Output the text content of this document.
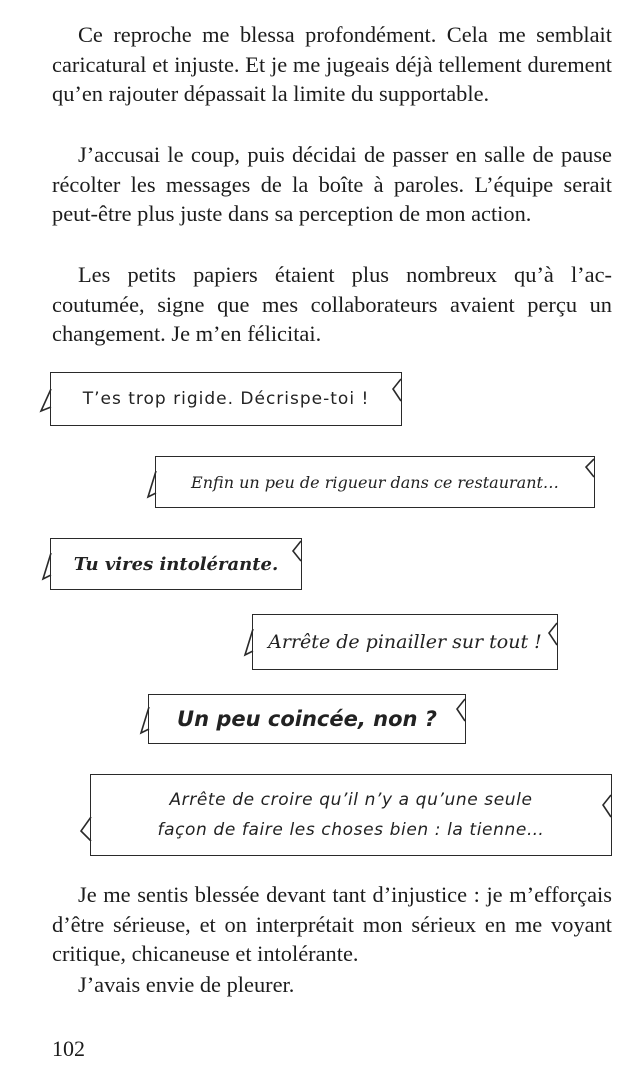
Ce reproche me blessa profondément. Cela me semblait caricatural et injuste. Et je me jugeais déjà tellement durement qu’en rajouter dépassait la limite du supportable.

J’accusai le coup, puis décidai de passer en salle de pause récolter les messages de la boîte à paroles. L’équipe serait peut-être plus juste dans sa perception de mon action.

Les petits papiers étaient plus nombreux qu’à l’accoutumée, signe que mes collaborateurs avaient perçu un changement. Je m’en félicitai.

T’es trop rigide. Décrispe-toi !
Enfin un peu de rigueur dans ce restaurant…
Tu vires intolérante.
Arrête de pinailler sur tout !
Un peu coincée, non ?
Arrête de croire qu’il n’y a qu’une seule
façon de faire les choses bien : la tienne…

Je me sentis blessée devant tant d’injustice : je m’efforçais d’être sérieuse, et on interprétait mon sérieux en me voyant critique, chicaneuse et intolérante.

J’avais envie de pleurer.

102
